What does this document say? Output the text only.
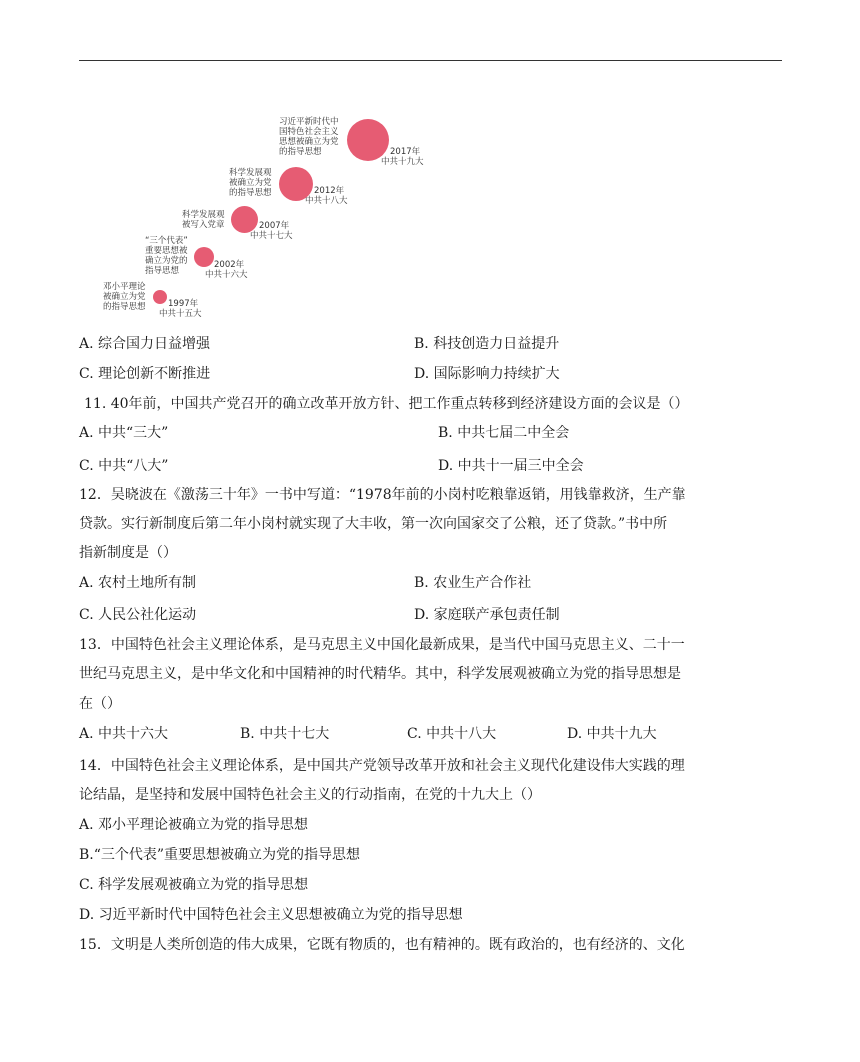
邓小平理论
被确立为党
的指导思想	1997年
中共十五大
“三个代表”
重要思想被
确立为党的
指导思想
2002年
中共十六大
科学发展观
被写入党章	2007年
中共十七大
科学发展观
被确立为党
的指导思想	2012年
中共十八大
习近平新时代中
国特色社会主义
思想被确立为党
的指导思想	2017年
中共十九大
A. 综合国力日益增强	B. 科技创造力日益提升
C. 理论创新不断推进	D. 国际影响力持续扩大
11. 40年前，中国共产党召开的确立改革开放方针、把工作重点转移到经济建设方面的会议是（）
A. 中共“三大”	B. 中共七届二中全会
C. 中共“八大”	D. 中共十一届三中全会
12．吴晓波在《激荡三十年》一书中写道：“1978年前的小岗村吃粮靠返销，用钱靠救济，生产靠
贷款。实行新制度后第二年小岗村就实现了大丰收，第一次向国家交了公粮，还了贷款。”书中所
指新制度是（）
A. 农村土地所有制	B. 农业生产合作社
C. 人民公社化运动	D. 家庭联产承包责任制
13．中国特色社会主义理论体系，是马克思主义中国化最新成果，是当代中国马克思主义、二十一
世纪马克思主义，是中华文化和中国精神的时代精华。其中，科学发展观被确立为党的指导思想是
在（）
A. 中共十六大	B. 中共十七大	C. 中共十八大	D. 中共十九大
14．中国特色社会主义理论体系，是中国共产党领导改革开放和社会主义现代化建设伟大实践的理
论结晶，是坚持和发展中国特色社会主义的行动指南，在党的十九大上（）
A. 邓小平理论被确立为党的指导思想
B.“三个代表”重要思想被确立为党的指导思想
C. 科学发展观被确立为党的指导思想
D. 习近平新时代中国特色社会主义思想被确立为党的指导思想
15．文明是人类所创造的伟大成果，它既有物质的，也有精神的。既有政治的，也有经济的、文化
